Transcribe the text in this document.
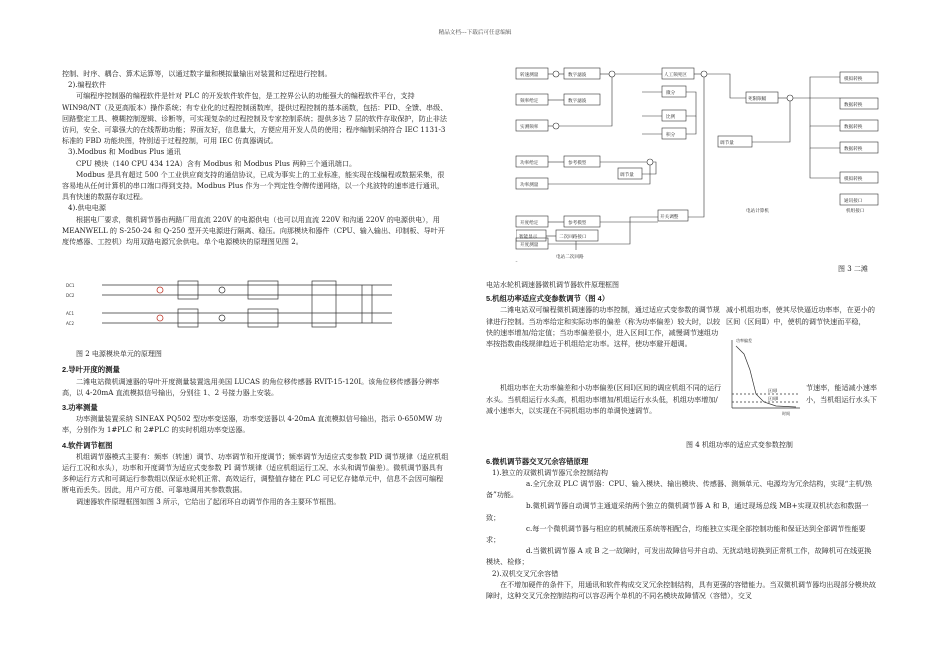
精品文档---下载后可任意编辑

控制、时序、耦合、算术运算等，以通过数字量和模拟量输出对装置和过程进行控制。

2).编程软件

可编程序控制器的编程软件是针对 PLC 的开发软件软件包，是工控界公认的功能强大的编程软件平台，支持 WIN98/NT（及更高版本）操作系统；有专业化的过程控制函数库，提供过程控制的基本函数，包括：PID、全馈、串级、回路整定工具、模糊控制逻辑、诊断等，可实现复杂的过程控制及专家控制系统；提供多达 7 层的软件存取保护，防止非法访问，安全、可靠强大的在线帮助功能；界面友好，信息量大，方便应用开发人员的使用；程序编制采纳符合 IEC 1131-3 标准的 FBD 功能块图，特别适于过程控制，可用 IEC 仿真器调试。

3).Modbus 和 Modbus Plus 通讯

CPU 模块（140 CPU 434 12A）含有 Modbus 和 Modbus Plus 两种三个通讯端口。

Modbus 是具有超过 500 个工业供应商支持的通信协议，已成为事实上的工业标准，能实现在线编程或数据采集，很容易地从任何计算机的串口端口得到支持。Modbus Plus 作为一个判定性令牌传递网络，以一个兆波特的速率进行通讯，具有快速的数据存取过程。

4).供电电源

根据电厂要求，微机调节器由两路厂用直流 220V 的电源供电（也可以用直流 220V 和沟通 220V 的电源供电），用 MEANWELL 的 S-250-24 和 Q-250 型开关电源进行隔离、稳压。向那模块和器件（CPU、输入输出、印制板、导叶开度传感器、工控机）均用双路电源冗余供电。单个电源模块的原理图见图 2。

DC1
DC2
AC1
AC2

图 2 电源模块单元的原理图

2.导叶开度的测量

二滩电站微机调速器的导叶开度测量装置选用美国 LUCAS 的角位移传感器 RVIT-15-120I。该角位移传感器分辨率高，以 4-20mA 直流模拟信号输出，分别往 1、2 号接力器上安装。

3.功率测量

功率测量装置采纳 SINEAX PQ502 型功率变送器，功率变送器以 4-20mA 直流模拟信号输出，指示 0-650MW 功率，分别作为 1#PLC 和 2#PLC 的实时机组功率变送器。

4.软件调节框图

机组调节器模式主要有：频率（转速）调节、功率调节和开度调节；频率调节为适应式变参数 PID 调节规律（适应机组运行工况和水头），功率和开度调节为适应式变参数 PI 调节规律（适应机组运行工况、水头和调节偏差）。微机调节器具有多种运行方式和可调运行参数组以保证水轮机正常、高效运行，调整值存储在 PLC 可记忆存储单元中，信息不会因可编程断电而丢失。因此，用户可方便、可靠地调用其参数数据。

调速器软件原理框图如图 3 所示，它给出了起闭环自动调节作用的各主要环节框图。

转速测量
频率给定
实测频率
功率给定
功率测量
开度给定
开度测量
数字滤波
数字滤波
参考模型
参考模型
调节量
开关调整
人工频死区
微分
比例
积分
调节量
死限限幅
模拟转换
数据转换
数据转换
数据转换
模拟转换
通讯接口
电站计算机	机组接口
智能显示	二次回路接口
电站二次回路
图 3 二滩

电站水轮机调速器微机调节器软件原理框图

5.机组功率适应式变参数调节（图 4）

二滩电站双可编程微机调速器的功率控制，通过适应式变参数的调节规律进行控制。当功率给定和实际功率的偏差（称为功率偏差）较大时，以较快的速率增加/给定值；当功率偏差很小，进入区间Ⅰ工作，减慢调节速组功率按指数曲线规律趋近于机组给定功率。这样，使功率避开超调。

机组功率在大功率偏差和小功率偏差(区间Ⅰ)区间的调应机组不同的运行水头。当机组运行水头高，机组功率增加/机组运行水头低，机组功率增加/减小速率大，以实现在不同机组功率的单调快速调节。

减小机组功率，使其尽快逼近功率率，在更小的区间（区间Ⅱ）中，使机的调节快速而平稳，

节速率，能适减小速率小，当机组运行水头下

功率偏差
区间Ⅰ
区间Ⅱ
时间

图 4 机组功率的适应式变参数控制

6.微机调节器交叉冗余容错原理

1).独立的双微机调节器冗余控制结构

a.全冗余双 PLC 调节器：CPU、输入模块、输出模块、传感器、测频单元、电源均为冗余结构，实现“主机/热备”功能。

b.微机调节器自动调节主通道采纳两个独立的微机调节器 A 和 B，通过现场总线 MB+实现双机状态和数据一致；

c.每一个微机调节器与相应的机械液压系统等相配合，均能独立实现全部控制功能和保证达到全部调节性能要求；

d.当微机调节器 A 或 B 之一故障时，可发出故障信号并自动、无扰动地切换到正常机工作，故障机可在线更换模块、检修；

2).双机交叉冗余容错

在不增加硬件的条件下，用通讯和软件构成交叉冗余控制结构，具有更强的容错能力。当双微机调节器均出现部分模块故障时，这种交叉冗余控制结构可以容忍两个单机的不同名模块故障情况（容错），交叉
